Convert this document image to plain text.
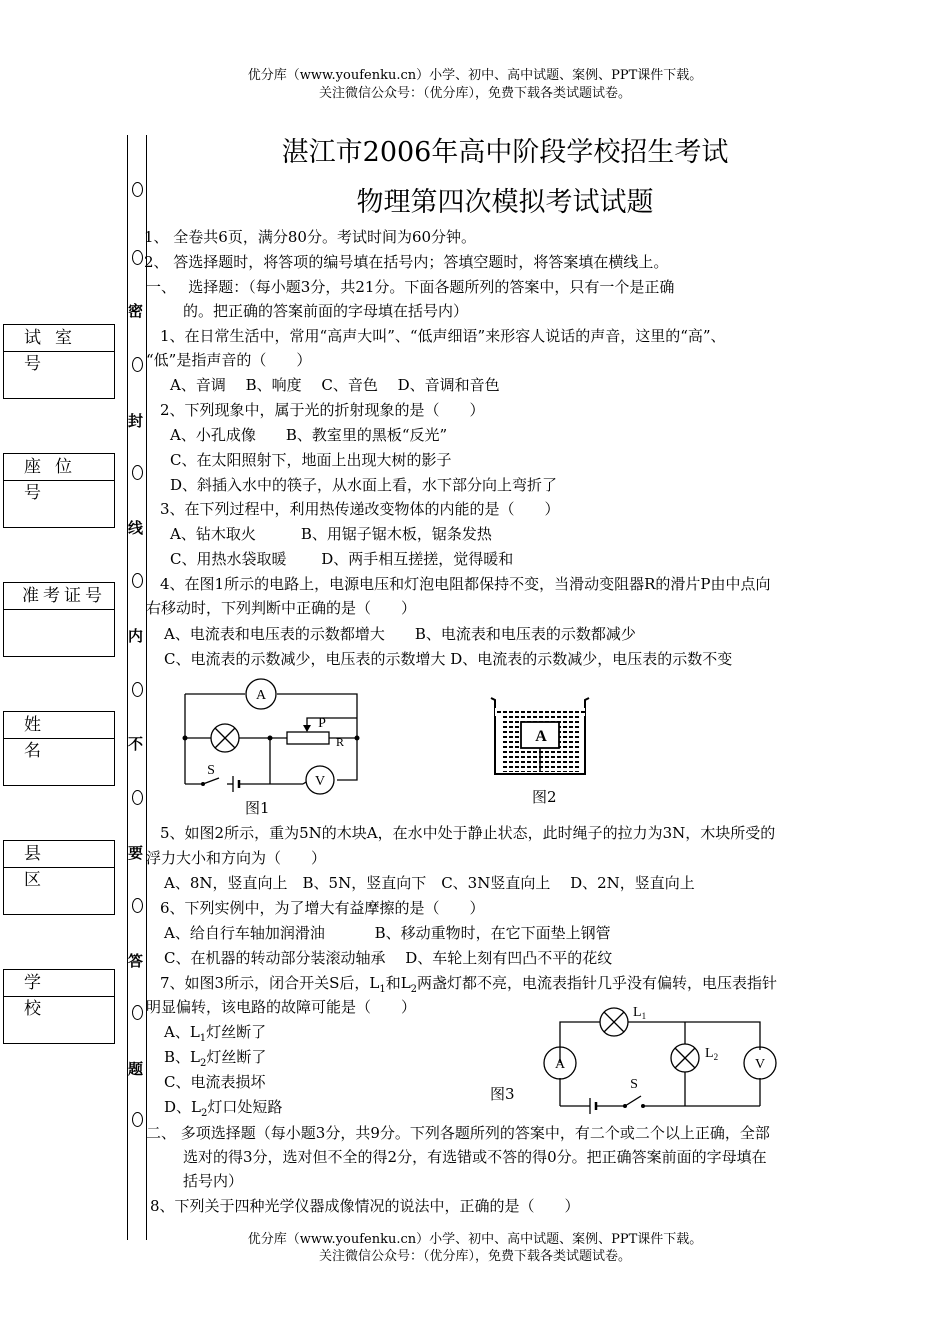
优分库（www.youfenku.cn）小学、初中、高中试题、案例、PPT课件下载。
关注微信公众号：（优分库），免费下载各类试题试卷。
密
封
线
内
不
要
答
题
试室号
座位号
准考证号
姓名
县区
学校
湛江市2006年高中阶段学校招生考试
物理第四次模拟考试试题
1、 全卷共6页，满分80分。考试时间为60分钟。
2、 答选择题时，将答项的编号填在括号内；答填空题时，将答案填在横线上。
一、　 选择题：（每小题3分，共21分。下面各题所列的答案中，只有一个是正确
的。把正确的答案前面的字母填在括号内）
1、在日常生活中，常用“高声大叫”、“低声细语”来形容人说话的声音，这里的“高”、
“低”是指声音的（　　）
A、音调　 B、响度　 C、音色　 D、音调和音色
2、下列现象中，属于光的折射现象的是（　　）
A、小孔成像　　B、教室里的黑板“反光”
C、在太阳照射下，地面上出现大树的影子
D、斜插入水中的筷子，从水面上看，水下部分向上弯折了
3、在下列过程中，利用热传递改变物体的内能的是（　　）
A、钻木取火　　　B、用锯子锯木板，锯条发热
C、用热水袋取暖　　 D、两手相互搓搓，觉得暖和
4、在图1所示的电路上，电源电压和灯泡电阻都保持不变，当滑动变阻器R的滑片P由中点向
右移动时，下列判断中正确的是（　　）
A、电流表和电压表的示数都增大　　B、电流表和电压表的示数都减少
C、电流表的示数减少，电压表的示数增大 D、电流表的示数减少，电压表的示数不变
A
V
P
R
S
图1
A
图2
5、如图2所示，重为5N的木块A，在水中处于静止状态，此时绳子的拉力为3N，木块所受的
浮力大小和方向为（　　）
A、8N，竖直向上　B、5N，竖直向下　C、3N竖直向上　 D、2N，竖直向上
6、下列实例中，为了增大有益摩擦的是（　　）
A、给自行车轴加润滑油　　　 B、移动重物时，在它下面垫上钢管
C、在机器的转动部分装滚动轴承　 D、车轮上刻有凹凸不平的花纹
7、如图3所示，闭合开关S后，$L_1$和$L_2$两盏灯都不亮，电流表指针几乎没有偏转，电压表指针
明显偏转，该电路的故障可能是（　　）
A、$L_1$灯丝断了
B、$L_2$灯丝断了
C、电流表损坏
D、$L_2$灯口处短路
A	V
S
$L_1$
$L_2$
图3
二、 多项选择题（每小题3分，共9分。下列各题所列的答案中，有二个或二个以上正确，全部
选对的得3分，选对但不全的得2分，有选错或不答的得0分。把正确答案前面的字母填在
括号内）
8、下列关于四种光学仪器成像情况的说法中，正确的是（　　）
优分库（www.youfenku.cn）小学、初中、高中试题、案例、PPT课件下载。
关注微信公众号：（优分库），免费下载各类试题试卷。
